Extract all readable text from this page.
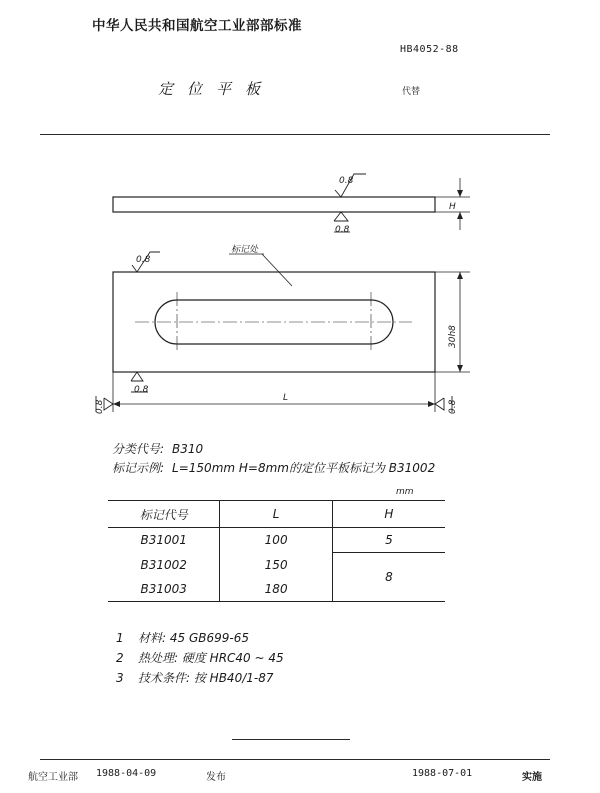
中华人民共和国航空工业部部标准
HB4052-88
定位平板	代替
H
0.8
0.8
标记处
0.8
0.8
30h8
L
0.8	0.8
分类代号: B310
标记示例: L=150mm H=8mm的定位平板标记为 B31002
mm
标记代号	L	H
B31001	100	5
B31002	150	8
B31003	180	
1 材料: 45 GB699-65
2 热处理: 硬度 HRC40 ~ 45
3 技术条件: 按 HB40/1-87
航空工业部 1988-04-09	发布	1988-07-01	实施
